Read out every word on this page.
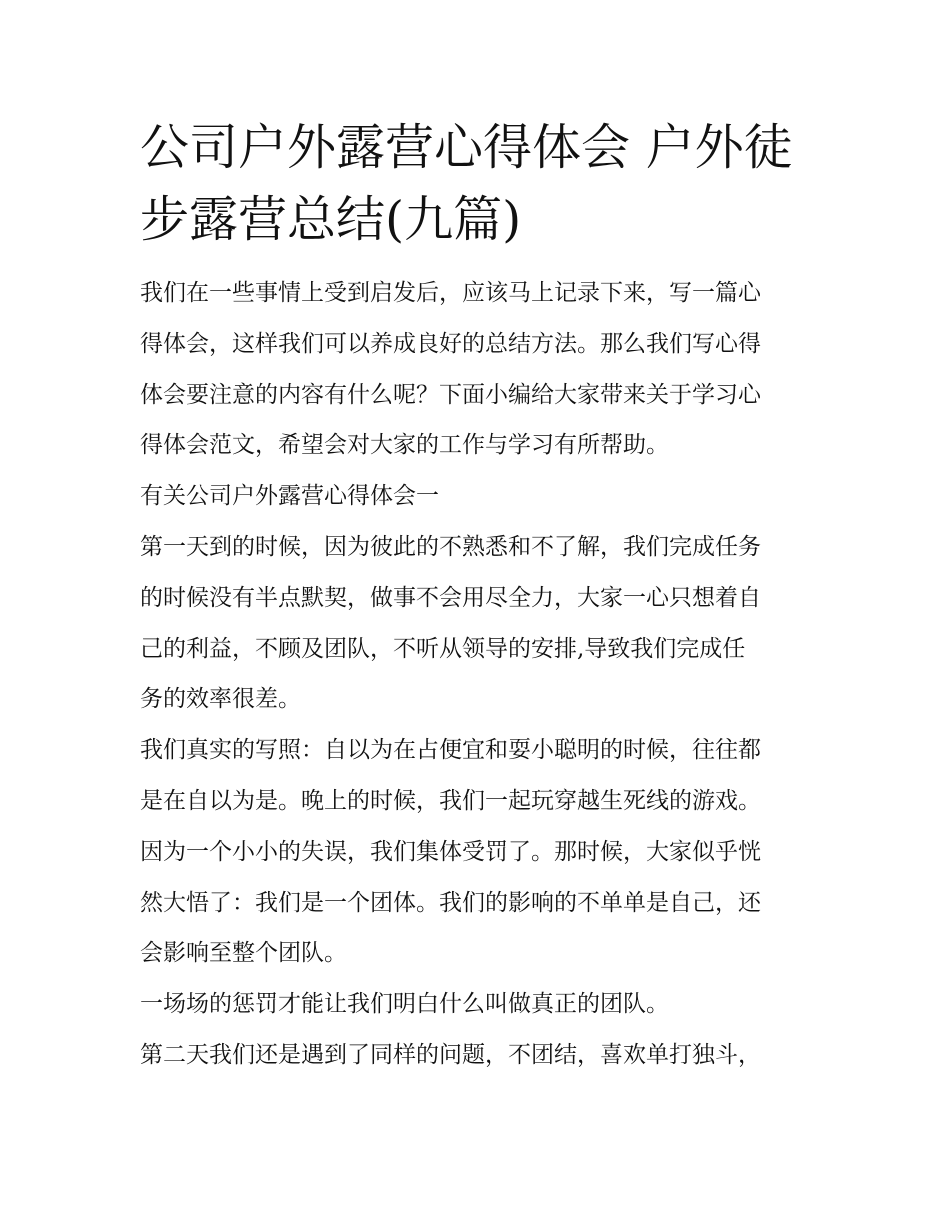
公司户外露营心得体会 户外徒
步露营总结(九篇)
我们在一些事情上受到启发后，应该马上记录下来，写一篇心
得体会，这样我们可以养成良好的总结方法。那么我们写心得
体会要注意的内容有什么呢？下面小编给大家带来关于学习心
得体会范文，希望会对大家的工作与学习有所帮助。
有关公司户外露营心得体会一
第一天到的时候，因为彼此的不熟悉和不了解，我们完成任务
的时候没有半点默契，做事不会用尽全力，大家一心只想着自
己的利益，不顾及团队，不听从领导的安排,导致我们完成任
务的效率很差。
我们真实的写照：自以为在占便宜和耍小聪明的时候，往往都
是在自以为是。晚上的时候，我们一起玩穿越生死线的游戏。
因为一个小小的失误，我们集体受罚了。那时候，大家似乎恍
然大悟了：我们是一个团体。我们的影响的不单单是自己，还
会影响至整个团队。
一场场的惩罚才能让我们明白什么叫做真正的团队。
第二天我们还是遇到了同样的问题，不团结，喜欢单打独斗，
